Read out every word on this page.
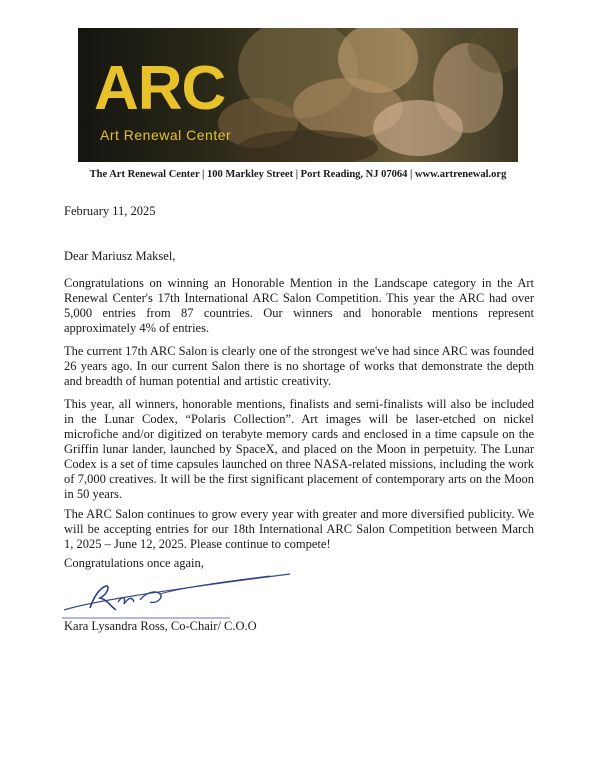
ARC
Art Renewal Center
The Art Renewal Center | 100 Markley Street | Port Reading, NJ 07064 | www.artrenewal.org
February 11, 2025
Dear Mariusz Maksel,
Congratulations on winning an Honorable Mention in the Landscape category in the Art Renewal Center's 17th International ARC Salon Competition. This year the ARC had over 5,000 entries from 87 countries. Our winners and honorable mentions represent approximately 4% of entries.
The current 17th ARC Salon is clearly one of the strongest we've had since ARC was founded 26 years ago. In our current Salon there is no shortage of works that demonstrate the depth and breadth of human potential and artistic creativity.
This year, all winners, honorable mentions, finalists and semi-finalists will also be included in the Lunar Codex, “Polaris Collection”. Art images will be laser-etched on nickel microfiche and/or digitized on terabyte memory cards and enclosed in a time capsule on the Griffin lunar lander, launched by SpaceX, and placed on the Moon in perpetuity. The Lunar Codex is a set of time capsules launched on three NASA-related missions, including the work of 7,000 creatives. It will be the first significant placement of contemporary arts on the Moon in 50 years.
The ARC Salon continues to grow every year with greater and more diversified publicity. We will be accepting entries for our 18th International ARC Salon Competition between March 1, 2025 – June 12, 2025. Please continue to compete!
Congratulations once again,
Kara Lysandra Ross, Co-Chair/ C.O.O
